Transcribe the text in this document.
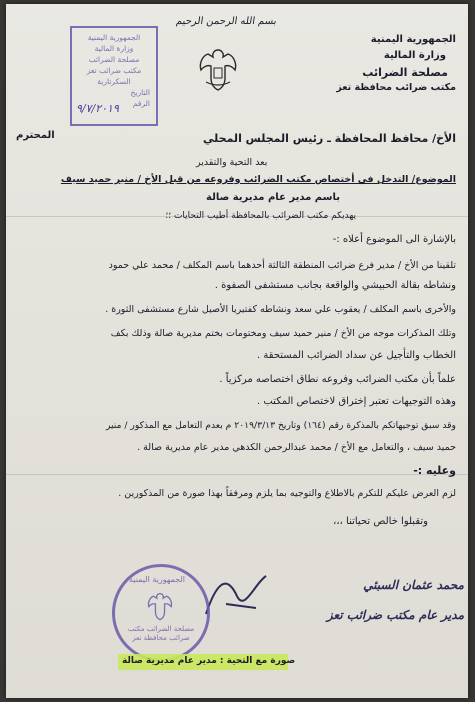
الجمهورية اليمنية
وزارة المالية
مصلحة الضرائب
مكتب ضرائب محافظة تعز
بسم الله الرحمن الرحيم
الجمهورية اليمنية
وزارة المالية
مصلحة الضرائب
مكتب ضرائب تعز
السكرتارية
التاريخ
الرقم
٩/٧/٢٠١٩
الأخ/ محافظ المحافظة ـ رئيس المجلس المحلي
المحترم
بعد التحية والتقدير
الموضوع/ التدخل في أختصاص مكتب الضرائب وفروعه من قبل الأخ / منير حميد سيف
باسم مدير عام مديرية صالة
يهديكم مكتب الضرائب بالمحافظة أطيب التحايات ؛؛
بالإشارة الى الموضوع أعلاه :-
تلقينا من الأخ / مدير فرع ضرائب المنطقة الثالثة أحدهما باسم المكلف / محمد علي حمود
ونشاطه بقالة الحبيشي والواقعة بجانب مستشفى الصفوة .
والأخرى باسم المكلف / يعقوب علي سعد ونشاطه كفتيريا الأصيل شارع مستشفى الثورة .
وتلك المذكرات موجه من الأخ / منير حميد سيف ومختومات بختم مديرية صالة وذلك بكف
الخطاب والتأجيل عن سداد الضرائب المستحقة .
علماً بأن مكتب الضرائب وفروعه نطاق اختصاصه مركزياً .
وهذه التوجيهات تعتبر إختراق لاختصاص المكتب .
وقد سبق توجيهاتكم بالمذكرة رقم (١٦٤) وتاريخ ٢٠١٩/٣/١٣ م بعدم التعامل مع المذكور / منير
حميد سيف ، والتعامل مع الأخ / محمد عبدالرحمن الكدهي مدير عام مديرية صالة .
وعليه :-
لزم العرض عليكم للتكرم بالاطلاع والتوجيه بما يلزم ومرفقاً بهذا صورة من المذكورين .
وتقبلوا خالص تحياتنا ،،،
محمد عثمان السبئي
مدير عام مكتب ضرائب تعز
الجمهورية اليمنية
مصلحة الضرائب مكتب ضرائب محافظة تعز
صورة مع التحية : مدير عام مديرية صالة
